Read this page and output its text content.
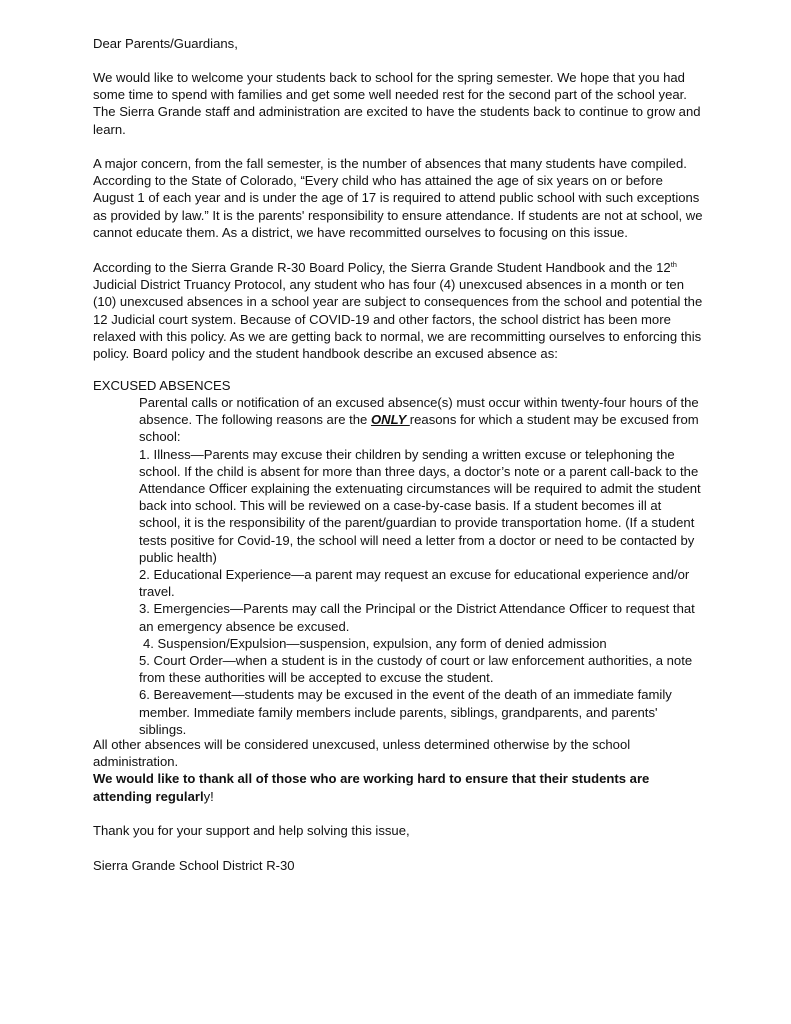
Dear Parents/Guardians,

We would like to welcome your students back to school for the spring semester. We hope that you had some time to spend with families and get some well needed rest for the second part of the school year. The Sierra Grande staff and administration are excited to have the students back to continue to grow and learn.

A major concern, from the fall semester, is the number of absences that many students have compiled. According to the State of Colorado, “Every child who has attained the age of six years on or before August 1 of each year and is under the age of 17 is required to attend public school with such exceptions as provided by law.” It is the parents' responsibility to ensure attendance. If students are not at school, we cannot educate them. As a district, we have recommitted ourselves to focusing on this issue.

According to the Sierra Grande R-30 Board Policy, the Sierra Grande Student Handbook and the 12th Judicial District Truancy Protocol, any student who has four (4) unexcused absences in a month or ten (10) unexcused absences in a school year are subject to consequences from the school and potential the 12 Judicial court system. Because of COVID-19 and other factors, the school district has been more relaxed with this policy. As we are getting back to normal, we are recommitting ourselves to enforcing this policy. Board policy and the student handbook describe an excused absence as:

EXCUSED ABSENCES

Parental calls or notification of an excused absence(s) must occur within twenty-four hours of the absence. The following reasons are the ONLY reasons for which a student may be excused from school:

1. Illness—Parents may excuse their children by sending a written excuse or telephoning the school. If the child is absent for more than three days, a doctor’s note or a parent call-back to the Attendance Officer explaining the extenuating circumstances will be required to admit the student back into school. This will be reviewed on a case-by-case basis. If a student becomes ill at school, it is the responsibility of the parent/guardian to provide transportation home. (If a student tests positive for Covid-19, the school will need a letter from a doctor or need to be contacted by public health)

2. Educational Experience—a parent may request an excuse for educational experience and/or travel.

3. Emergencies—Parents may call the Principal or the District Attendance Officer to request that an emergency absence be excused.

4. Suspension/Expulsion—suspension, expulsion, any form of denied admission

5. Court Order—when a student is in the custody of court or law enforcement authorities, a note from these authorities will be accepted to excuse the student.

6. Bereavement—students may be excused in the event of the death of an immediate family member. Immediate family members include parents, siblings, grandparents, and parents' siblings.

All other absences will be considered unexcused, unless determined otherwise by the school administration.

We would like to thank all of those who are working hard to ensure that their students are attending regularly!

Thank you for your support and help solving this issue,

Sierra Grande School District R-30
